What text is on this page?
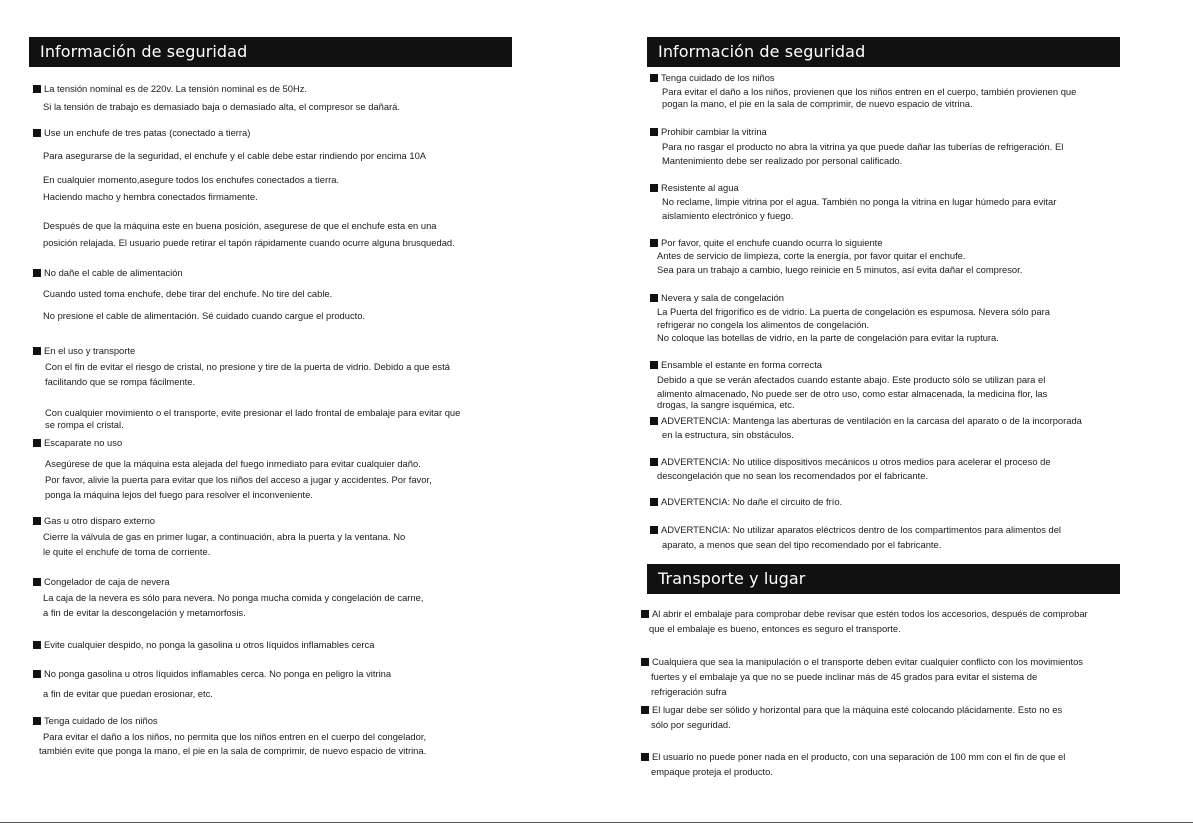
Información de seguridad
La tensión nominal es de 220v. La tensión nominal es de 50Hz.
Si la tensión de trabajo es demasiado baja o demasiado alta, el compresor se dañará.
Use un enchufe de tres patas (conectado a tierra)
Para asegurarse de la seguridad, el enchufe y el cable debe estar rindiendo por encima 10A
En cualquier momento,asegure todos los enchufes conectados a tierra.
Haciendo macho y hembra conectados firmamente.
Después de que la máquina este en buena posición, asegurese de que el enchufe esta en una
posición relajada. El usuario puede retirar el tapón rápidamente cuando ocurre alguna brusquedad.
No dañe el cable de alimentación
Cuando usted toma enchufe, debe tirar del enchufe. No tire del cable.
No presione el cable de alimentación. Sé cuidado cuando cargue el producto.
En el uso y transporte
Con el fin de evitar el riesgo de cristal, no presione y tire de la puerta de vidrio. Debido a que está
facilitando que se rompa fácilmente.
Con cualquier movimiento o el transporte, evite presionar el lado frontal de embalaje para evitar que
se rompa el cristal.
Escaparate no uso
Asegúrese de que la máquina esta alejada del fuego inmediato para evitar cualquier daño.
Por favor, alivie la puerta para evitar que los niños del acceso a jugar y accidentes. Por favor,
ponga la máquina lejos del fuego para resolver el inconveniente.
Gas u otro disparo externo
Cierre la válvula de gas en primer lugar, a continuación, abra la puerta y la ventana. No
le quite el enchufe de toma de corriente.
Congelador de caja de nevera
La caja de la nevera es sólo para nevera. No ponga mucha comida y congelación de carne,
a fin de evitar la descongelación y metamorfosis.
Evite cualquier despido, no ponga la gasolina u otros líquidos inflamables cerca
No ponga gasolina u otros líquidos inflamables cerca. No ponga en peligro la vitrina
a fin de evitar que puedan erosionar, etc.
Tenga cuidado de los niños
Para evitar el daño a los niños, no permita que los niños entren en el cuerpo del congelador,
también evite que ponga la mano, el pie en la sala de comprimir, de nuevo espacio de vitrina.
Información de seguridad
Tenga cuidado de los niños
Para evitar el daño a los niños, provienen que los niños entren en el cuerpo, también provienen que
pogan la mano, el pie en la sala de comprimir, de nuevo espacio de vitrina.
Prohibir cambiar la vitrina
Para no rasgar el producto no abra la vitrina ya que puede dañar las tuberías de refrigeración. El
Mantenimiento debe ser realizado por personal calificado.
Resistente al agua
No reclame, limpie vitrina por el agua. También no ponga la vitrina en lugar húmedo para evitar
aislamiento electrónico y fuego.
Por favor, quite el enchufe cuando ocurra lo siguiente
Antes de servicio de limpieza, corte la energía, por favor quitar el enchufe.
Sea para un trabajo a cambio, luego reinicie en 5 minutos, así evita dañar el compresor.
Nevera y sala de congelación
La Puerta del frigorífico es de vidrio. La puerta de congelación es espumosa. Nevera sólo para
refrigerar no congela los alimentos de congelación.
No coloque las botellas de vidrio, en la parte de congelación para evitar la ruptura.
Ensamble el estante en forma correcta
Debido a que se verán afectados cuando estante abajo. Este producto sólo se utilizan para el
alimento almacenado, No puede ser de otro uso, como estar almacenada, la medicina flor, las
drogas, la sangre isquémica, etc.
ADVERTENCIA: Mantenga las aberturas de ventilación en la carcasa del aparato o de la incorporada
en la estructura, sin obstáculos.
ADVERTENCIA: No utilice dispositivos mecánicos u otros medios para acelerar el proceso de
descongelación que no sean los recomendados por el fabricante.
ADVERTENCIA: No dañe el circuito de frío.
ADVERTENCIA: No utilizar aparatos eléctricos dentro de los compartimentos para alimentos del
aparato, a menos que sean del tipo recomendado por el fabricante.
Transporte y lugar
Al abrir el embalaje para comprobar debe revisar que estén todos los accesorios, después de comprobar
que el embalaje es bueno, entonces es seguro el transporte.
Cualquiera que sea la manipulación o el transporte deben evitar cualquier conflicto con los movimientos
fuertes y el embalaje ya que no se puede inclinar más de 45 grados para evitar el sistema de
refrigeración sufra
El lugar debe ser sólido y horizontal para que la máquina esté colocando plácidamente. Esto no es
sólo por seguridad.
El usuario no puede poner nada en el producto, con una separación de 100 mm con el fin de que el
empaque proteja el producto.
